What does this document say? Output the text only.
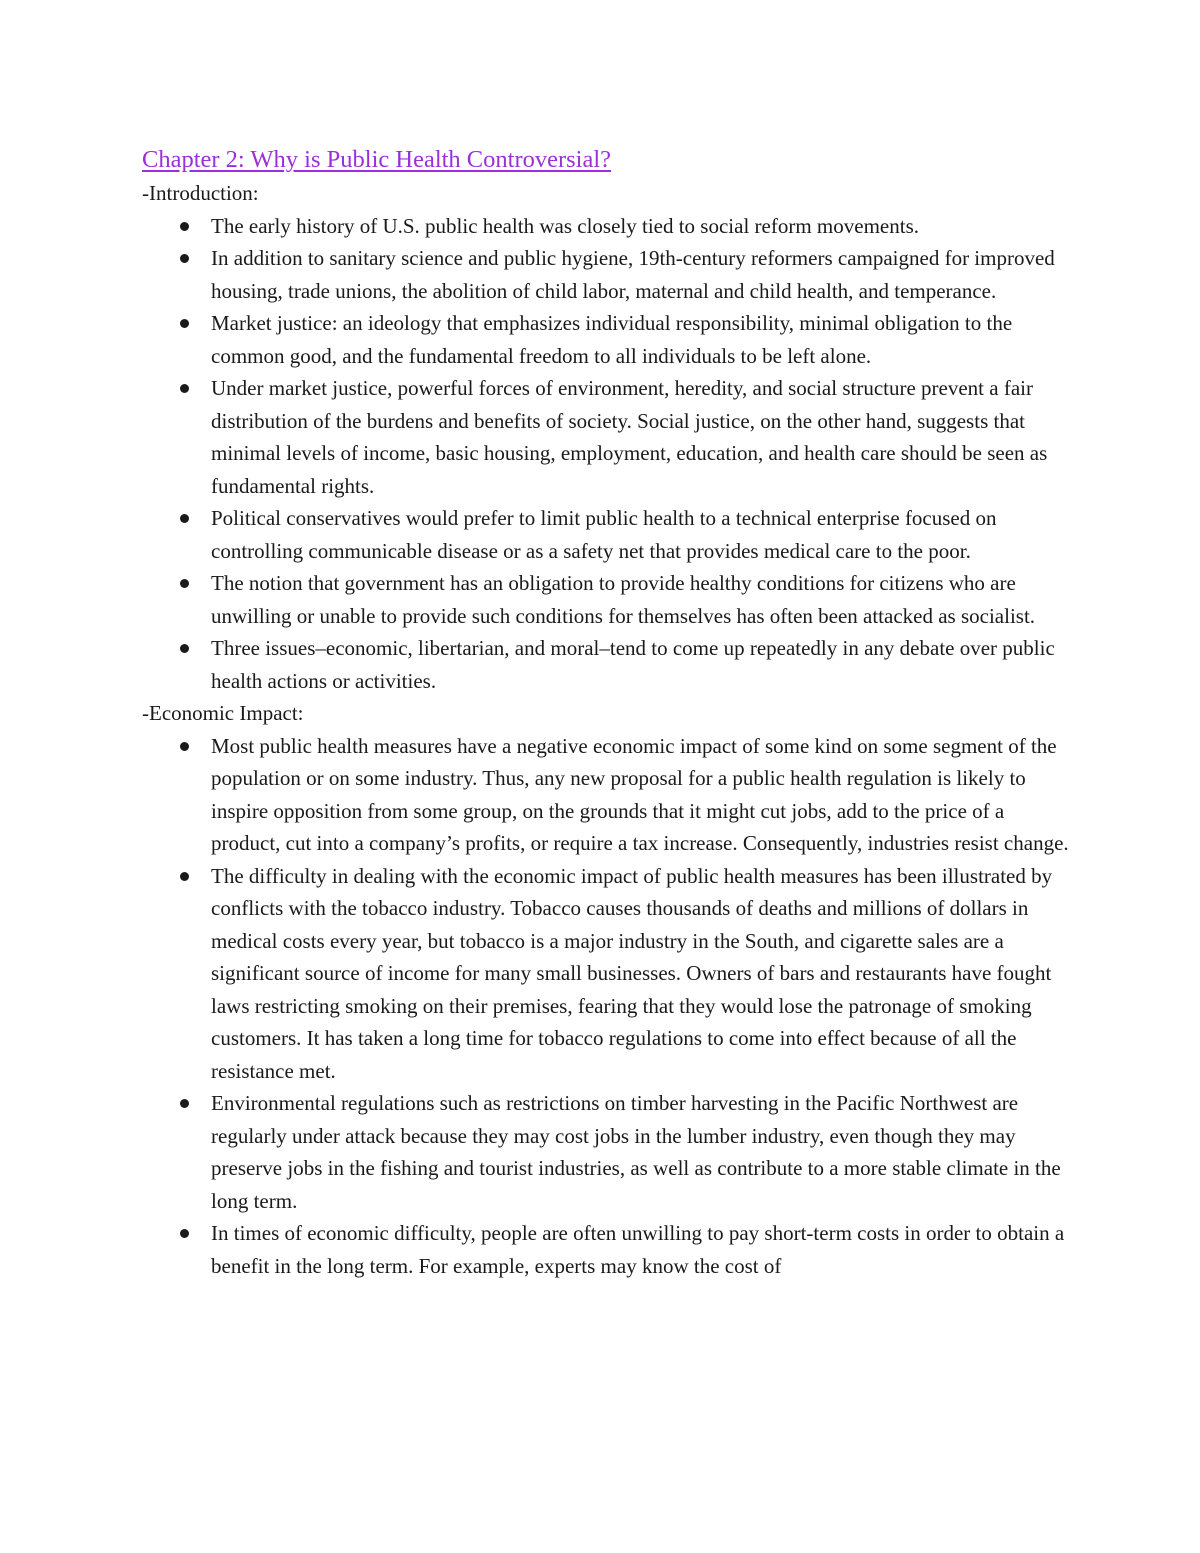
Chapter 2: Why is Public Health Controversial?

-Introduction:

The early history of U.S. public health was closely tied to social reform movements.
In addition to sanitary science and public hygiene, 19th-century reformers campaigned for improved housing, trade unions, the abolition of child labor, maternal and child health, and temperance.
Market justice: an ideology that emphasizes individual responsibility, minimal obligation to the common good, and the fundamental freedom to all individuals to be left alone.
Under market justice, powerful forces of environment, heredity, and social structure prevent a fair distribution of the burdens and benefits of society. Social justice, on the other hand, suggests that minimal levels of income, basic housing, employment, education, and health care should be seen as fundamental rights.
Political conservatives would prefer to limit public health to a technical enterprise focused on controlling communicable disease or as a safety net that provides medical care to the poor.
The notion that government has an obligation to provide healthy conditions for citizens who are unwilling or unable to provide such conditions for themselves has often been attacked as socialist.
Three issues–economic, libertarian, and moral–tend to come up repeatedly in any debate over public health actions or activities.

-Economic Impact:

Most public health measures have a negative economic impact of some kind on some segment of the population or on some industry. Thus, any new proposal for a public health regulation is likely to inspire opposition from some group, on the grounds that it might cut jobs, add to the price of a product, cut into a company’s profits, or require a tax increase. Consequently, industries resist change.
The difficulty in dealing with the economic impact of public health measures has been illustrated by conflicts with the tobacco industry. Tobacco causes thousands of deaths and millions of dollars in medical costs every year, but tobacco is a major industry in the South, and cigarette sales are a significant source of income for many small businesses. Owners of bars and restaurants have fought laws restricting smoking on their premises, fearing that they would lose the patronage of smoking customers. It has taken a long time for tobacco regulations to come into effect because of all the resistance met.
Environmental regulations such as restrictions on timber harvesting in the Pacific Northwest are regularly under attack because they may cost jobs in the lumber industry, even though they may preserve jobs in the fishing and tourist industries, as well as contribute to a more stable climate in the long term.
In times of economic difficulty, people are often unwilling to pay short-term costs in order to obtain a benefit in the long term. For example, experts may know the cost of
